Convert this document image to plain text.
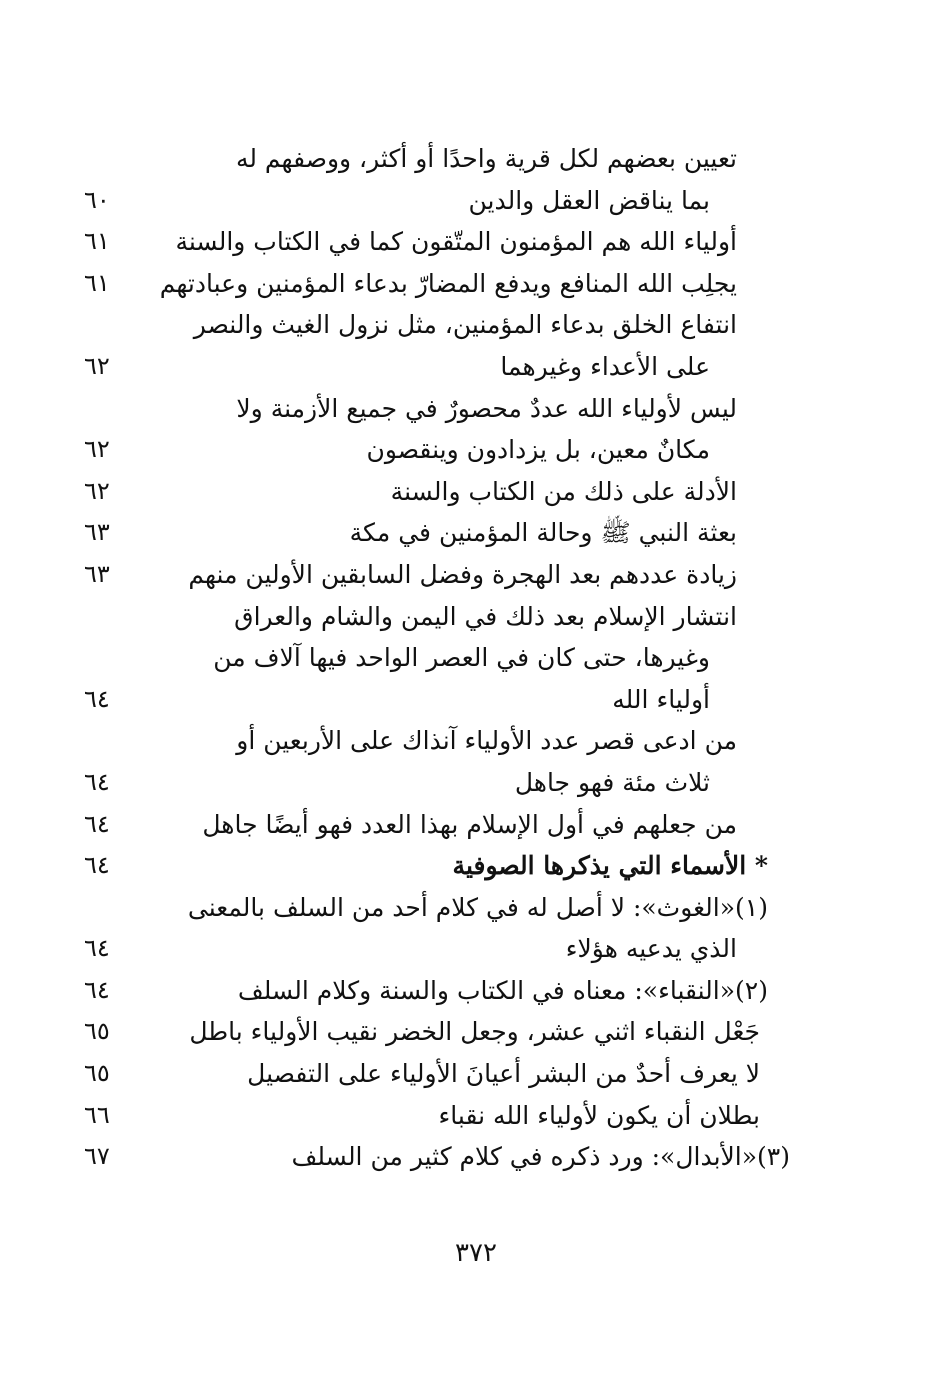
تعيين بعضهم لكل قرية واحدًا أو أكثر، ووصفهم له
بما يناقض العقل والدين
٦٠
أولياء الله هم المؤمنون المتّقون كما في الكتاب والسنة
٦١
يجلِب الله المنافع ويدفع المضارّ بدعاء المؤمنين وعبادتهم
٦١
انتفاع الخلق بدعاء المؤمنين، مثل نزول الغيث والنصر
على الأعداء وغيرهما
٦٢
ليس لأولياء الله عددٌ محصورٌ في جميع الأزمنة ولا
مكانٌ معين، بل يزدادون وينقصون
٦٢
الأدلة على ذلك من الكتاب والسنة
٦٢
بعثة النبي ﷺ وحالة المؤمنين في مكة
٦٣
زيادة عددهم بعد الهجرة وفضل السابقين الأولين منهم
٦٣
انتشار الإسلام بعد ذلك في اليمن والشام والعراق
وغيرها، حتى كان في العصر الواحد فيها آلاف من
أولياء الله
٦٤
من ادعى قصر عدد الأولياء آنذاك على الأربعين أو
ثلاث مئة فهو جاهل
٦٤
من جعلهم في أول الإسلام بهذا العدد فهو أيضًا جاهل
٦٤
* الأسماء التي يذكرها الصوفية
٦٤
(١)«الغوث»: لا أصل له في كلام أحد من السلف بالمعنى
الذي يدعيه هؤلاء
٦٤
(٢)«النقباء»: معناه في الكتاب والسنة وكلام السلف
٦٤
جَعْل النقباء اثني عشر، وجعل الخضر نقيب الأولياء باطل
٦٥
لا يعرف أحدٌ من البشر أعيانَ الأولياء على التفصيل
٦٥
بطلان أن يكون لأولياء الله نقباء
٦٦
(٣)«الأبدال»: ورد ذكره في كلام كثير من السلف
٦٧
٣٧٢
